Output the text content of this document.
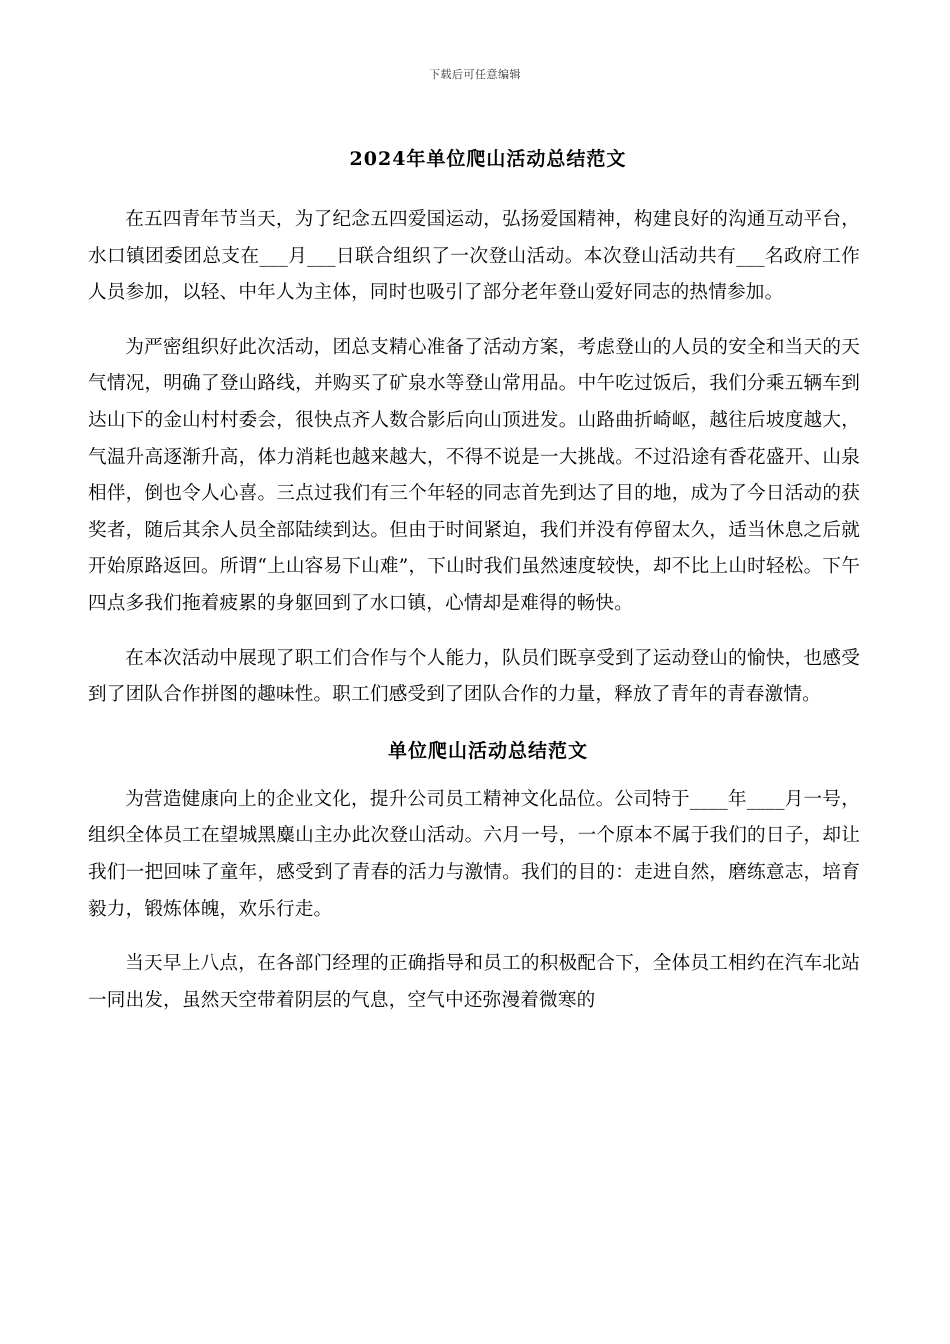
下载后可任意编辑
2024年单位爬山活动总结范文

在五四青年节当天，为了纪念五四爱国运动，弘扬爱国精神，构建良好的沟通互动平台，水口镇团委团总支在___月___日联合组织了一次登山活动。本次登山活动共有___名政府工作人员参加，以轻、中年人为主体，同时也吸引了部分老年登山爱好同志的热情参加。

为严密组织好此次活动，团总支精心准备了活动方案，考虑登山的人员的安全和当天的天气情况，明确了登山路线，并购买了矿泉水等登山常用品。中午吃过饭后，我们分乘五辆车到达山下的金山村村委会，很快点齐人数合影后向山顶进发。山路曲折崎岖，越往后坡度越大，气温升高逐渐升高，体力消耗也越来越大，不得不说是一大挑战。不过沿途有香花盛开、山泉相伴，倒也令人心喜。三点过我们有三个年轻的同志首先到达了目的地，成为了今日活动的获奖者，随后其余人员全部陆续到达。但由于时间紧迫，我们并没有停留太久，适当休息之后就开始原路返回。所谓“上山容易下山难”，下山时我们虽然速度较快，却不比上山时轻松。下午四点多我们拖着疲累的身躯回到了水口镇，心情却是难得的畅快。

在本次活动中展现了职工们合作与个人能力，队员们既享受到了运动登山的愉快，也感受到了团队合作拼图的趣味性。职工们感受到了团队合作的力量，释放了青年的青春激情。

单位爬山活动总结范文

为营造健康向上的企业文化，提升公司员工精神文化品位。公司特于____年____月一号，组织全体员工在望城黑麋山主办此次登山活动。六月一号，一个原本不属于我们的日子，却让我们一把回味了童年，感受到了青春的活力与激情。我们的目的：走进自然，磨练意志，培育毅力，锻炼体魄，欢乐行走。

当天早上八点，在各部门经理的正确指导和员工的积极配合下，全体员工相约在汽车北站一同出发，虽然天空带着阴层的气息，空气中还弥漫着微寒的
